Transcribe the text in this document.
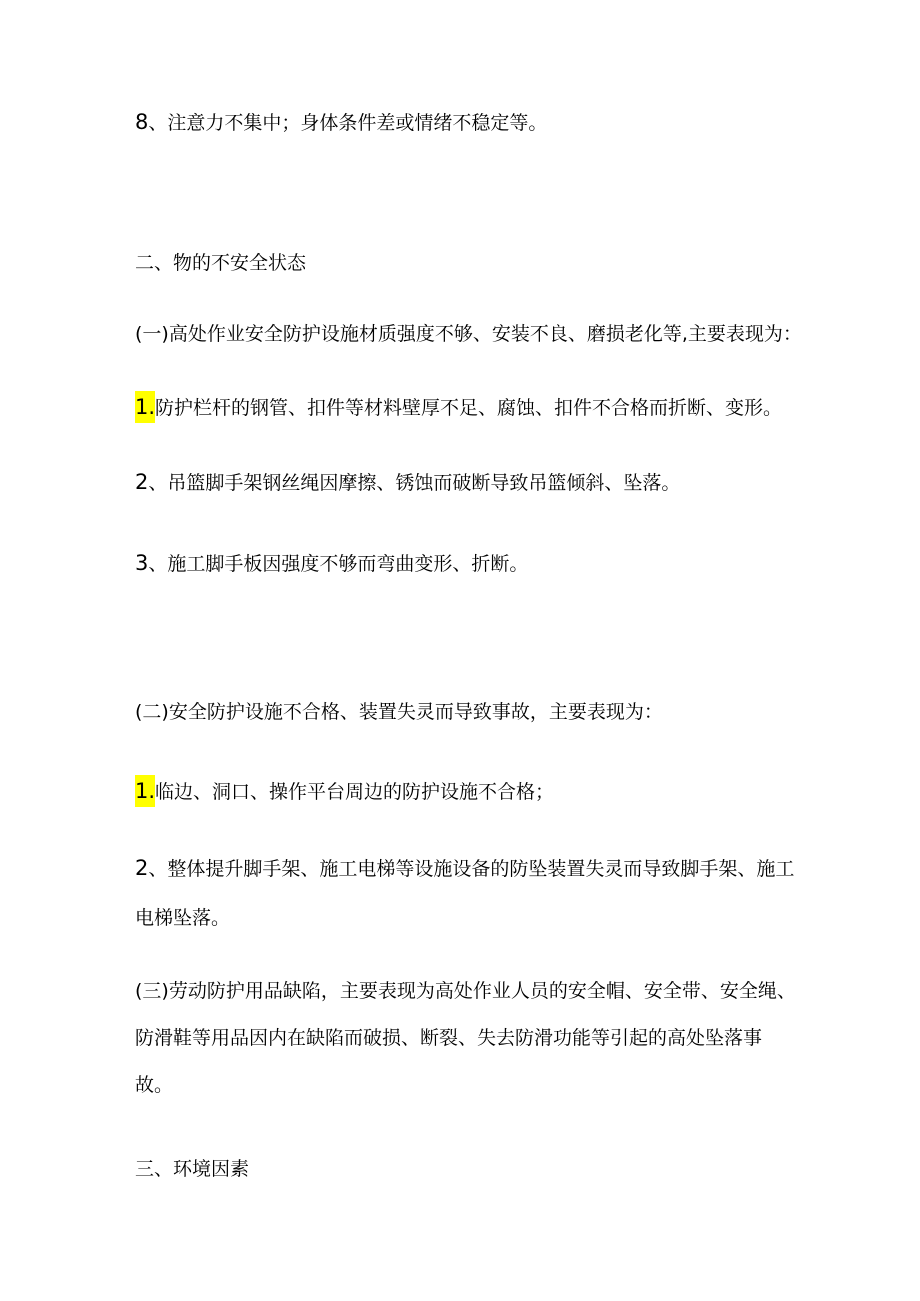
8、注意力不集中；身体条件差或情绪不稳定等。
二、物的不安全状态
(一)高处作业安全防护设施材质强度不够、安装不良、磨损老化等,主要表现为：
1.防护栏杆的钢管、扣件等材料壁厚不足、腐蚀、扣件不合格而折断、变形。
2、吊篮脚手架钢丝绳因摩擦、锈蚀而破断导致吊篮倾斜、坠落。
3、施工脚手板因强度不够而弯曲变形、折断。
(二)安全防护设施不合格、装置失灵而导致事故，主要表现为：
1.临边、洞口、操作平台周边的防护设施不合格；
2、整体提升脚手架、施工电梯等设施设备的防坠装置失灵而导致脚手架、施工
电梯坠落。
(三)劳动防护用品缺陷，主要表现为高处作业人员的安全帽、安全带、安全绳、
防滑鞋等用品因内在缺陷而破损、断裂、失去防滑功能等引起的高处坠落事
故。
三、环境因素
